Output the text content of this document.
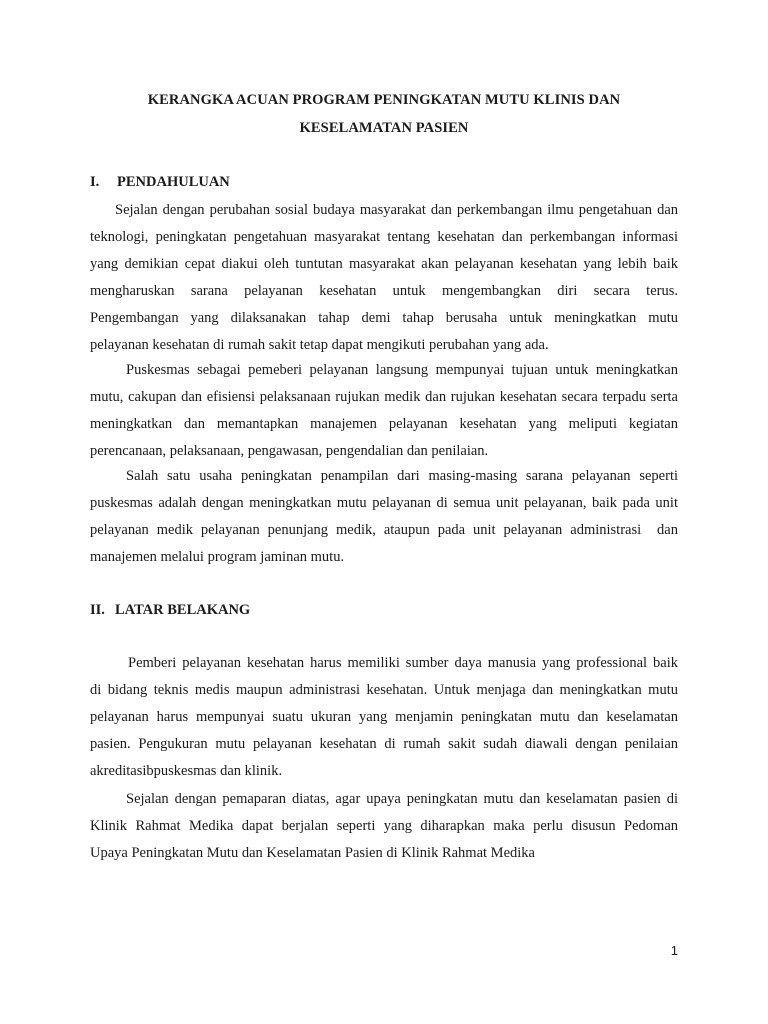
KERANGKA ACUAN PROGRAM PENINGKATAN MUTU KLINIS DAN
KESELAMATAN PASIEN
I. PENDAHULUAN
Sejalan dengan perubahan sosial budaya masyarakat dan perkembangan ilmu pengetahuan dan
teknologi, peningkatan pengetahuan masyarakat tentang kesehatan dan perkembangan informasi
yang demikian cepat diakui oleh tuntutan masyarakat akan pelayanan kesehatan yang lebih baik
mengharuskan sarana pelayanan kesehatan untuk mengembangkan diri secara terus.
Pengembangan yang dilaksanakan tahap demi tahap berusaha untuk meningkatkan mutu
pelayanan kesehatan di rumah sakit tetap dapat mengikuti perubahan yang ada.
Puskesmas sebagai pemeberi pelayanan langsung mempunyai tujuan untuk meningkatkan
mutu, cakupan dan efisiensi pelaksanaan rujukan medik dan rujukan kesehatan secara terpadu serta
meningkatkan dan memantapkan manajemen pelayanan kesehatan yang meliputi kegiatan
perencanaan, pelaksanaan, pengawasan, pengendalian dan penilaian.
Salah satu usaha peningkatan penampilan dari masing-masing sarana pelayanan seperti
puskesmas adalah dengan meningkatkan mutu pelayanan di semua unit pelayanan, baik pada unit
pelayanan medik pelayanan penunjang medik, ataupun pada unit pelayanan administrasi  dan
manajemen melalui program jaminan mutu.
II. LATAR BELAKANG
Pemberi pelayanan kesehatan harus memiliki sumber daya manusia yang professional baik
di bidang teknis medis maupun administrasi kesehatan. Untuk menjaga dan meningkatkan mutu
pelayanan harus mempunyai suatu ukuran yang menjamin peningkatan mutu dan keselamatan
pasien. Pengukuran mutu pelayanan kesehatan di rumah sakit sudah diawali dengan penilaian
akreditasibpuskesmas dan klinik.
Sejalan dengan pemaparan diatas, agar upaya peningkatan mutu dan keselamatan pasien di
Klinik Rahmat Medika dapat berjalan seperti yang diharapkan maka perlu disusun Pedoman
Upaya Peningkatan Mutu dan Keselamatan Pasien di Klinik Rahmat Medika
1
